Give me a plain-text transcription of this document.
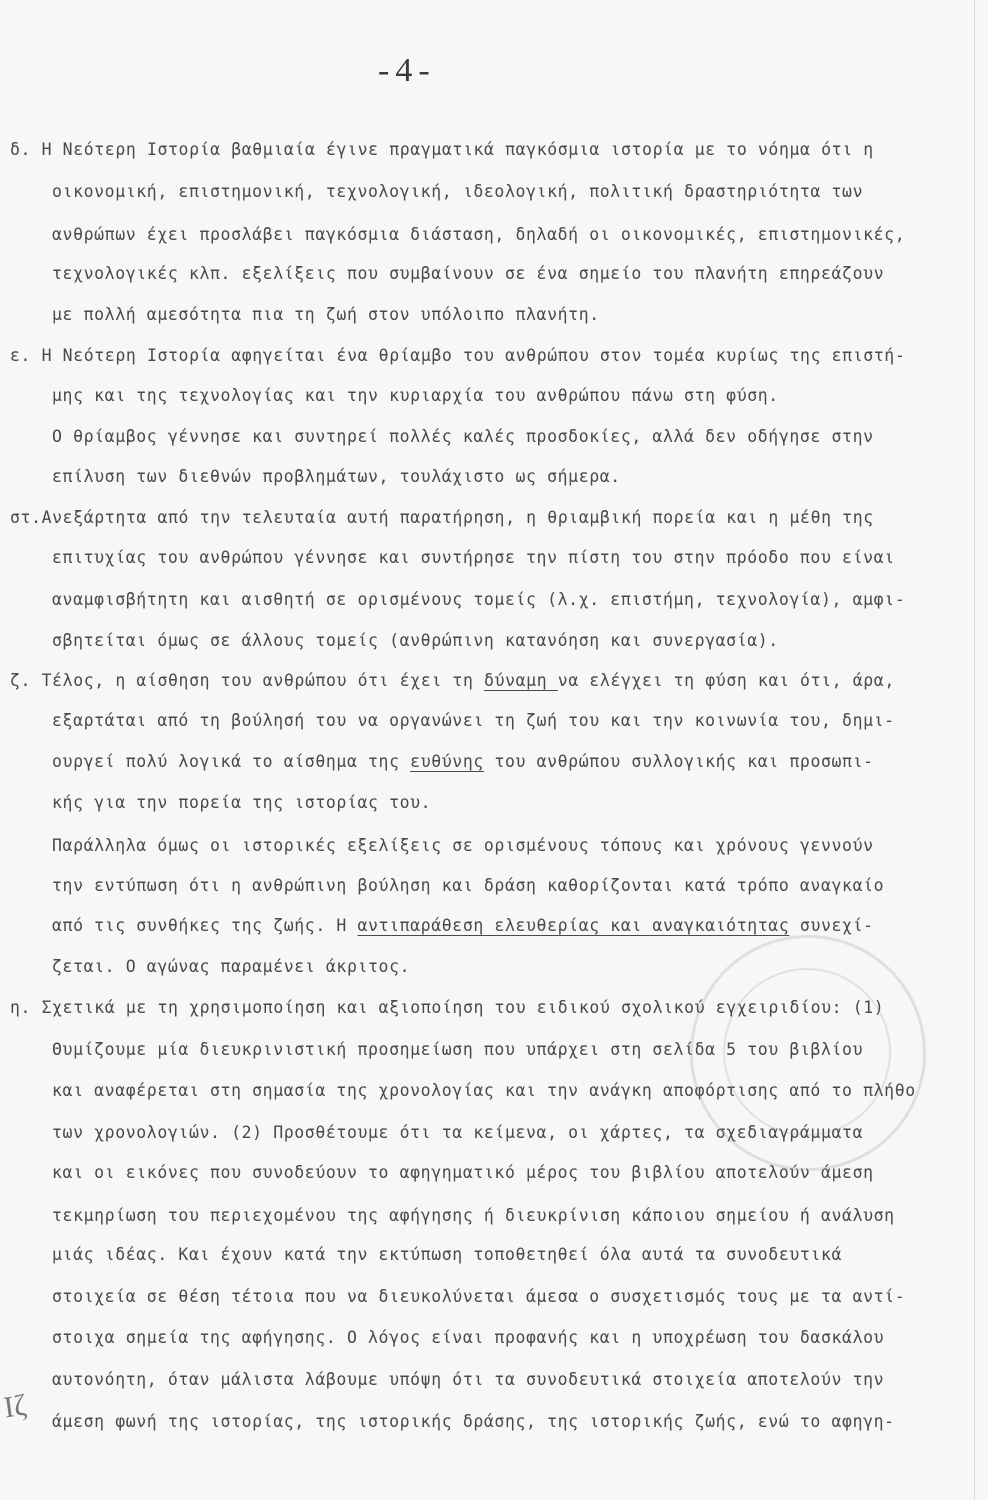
-4-
δ. Η Νεότερη Ιστορία βαθμιαία έγινε πραγματικά παγκόσμια ιστορία με το νόημα ότι η
οικονομική, επιστημονική, τεχνολογική, ιδεολογική, πολιτική δραστηριότητα των
ανθρώπων έχει προσλάβει παγκόσμια διάσταση, δηλαδή οι οικονομικές, επιστημονικές,
τεχνολογικές κλπ. εξελίξεις που συμβαίνουν σε ένα σημείο του πλανήτη επηρεάζουν
με πολλή αμεσότητα πια τη ζωή στον υπόλοιπο πλανήτη.
ε. Η Νεότερη Ιστορία αφηγείται ένα θρίαμβο του ανθρώπου στον τομέα κυρίως της επιστή-
μης και της τεχνολογίας και την κυριαρχία του ανθρώπου πάνω στη φύση.
Ο θρίαμβος γέννησε και συντηρεί πολλές καλές προσδοκίες, αλλά δεν οδήγησε στην
επίλυση των διεθνών προβλημάτων, τουλάχιστο ως σήμερα.
στ.Ανεξάρτητα από την τελευταία αυτή παρατήρηση, η θριαμβική πορεία και η μέθη της
επιτυχίας του ανθρώπου γέννησε και συντήρησε την πίστη του στην πρόοδο που είναι
αναμφισβήτητη και αισθητή σε ορισμένους τομείς (λ.χ. επιστήμη, τεχνολογία), αμφι-
σβητείται όμως σε άλλους τομείς (ανθρώπινη κατανόηση και συνεργασία).
ζ. Τέλος, η αίσθηση του ανθρώπου ότι έχει τη δύναμη να ελέγχει τη φύση και ότι, άρα,
εξαρτάται από τη βούλησή του να οργανώνει τη ζωή του και την κοινωνία του, δημι-
ουργεί πολύ λογικά το αίσθημα της ευθύνης του ανθρώπου συλλογικής και προσωπι-
κής για την πορεία της ιστορίας του.
Παράλληλα όμως οι ιστορικές εξελίξεις σε ορισμένους τόπους και χρόνους γεννούν
την εντύπωση ότι η ανθρώπινη βούληση και δράση καθορίζονται κατά τρόπο αναγκαίο
από τις συνθήκες της ζωής. Η αντιπαράθεση ελευθερίας και αναγκαιότητας συνεχί-
ζεται. Ο αγώνας παραμένει άκριτος.
η. Σχετικά με τη χρησιμοποίηση και αξιοποίηση του ειδικού σχολικού εγχειριδίου: (1)
Θυμίζουμε μία διευκρινιστική προσημείωση που υπάρχει στη σελίδα 5 του βιβλίου
και αναφέρεται στη σημασία της χρονολογίας και την ανάγκη αποφόρτισης από το πλήθο
των χρονολογιών. (2) Προσθέτουμε ότι τα κείμενα, οι χάρτες, τα σχεδιαγράμματα
και οι εικόνες που συνοδεύουν το αφηγηματικό μέρος του βιβλίου αποτελούν άμεση
τεκμηρίωση του περιεχομένου της αφήγησης ή διευκρίνιση κάποιου σημείου ή ανάλυση
μιάς ιδέας. Και έχουν κατά την εκτύπωση τοποθετηθεί όλα αυτά τα συνοδευτικά
στοιχεία σε θέση τέτοια που να διευκολύνεται άμεσα ο συσχετισμός τους με τα αντί-
στοιχα σημεία της αφήγησης. Ο λόγος είναι προφανής και η υποχρέωση του δασκάλου
αυτονόητη, όταν μάλιστα λάβουμε υπόψη ότι τα συνοδευτικά στοιχεία αποτελούν την
άμεση φωνή της ιστορίας, της ιστορικής δράσης, της ιστορικής ζωής, ενώ το αφηγη-
Ιζ
